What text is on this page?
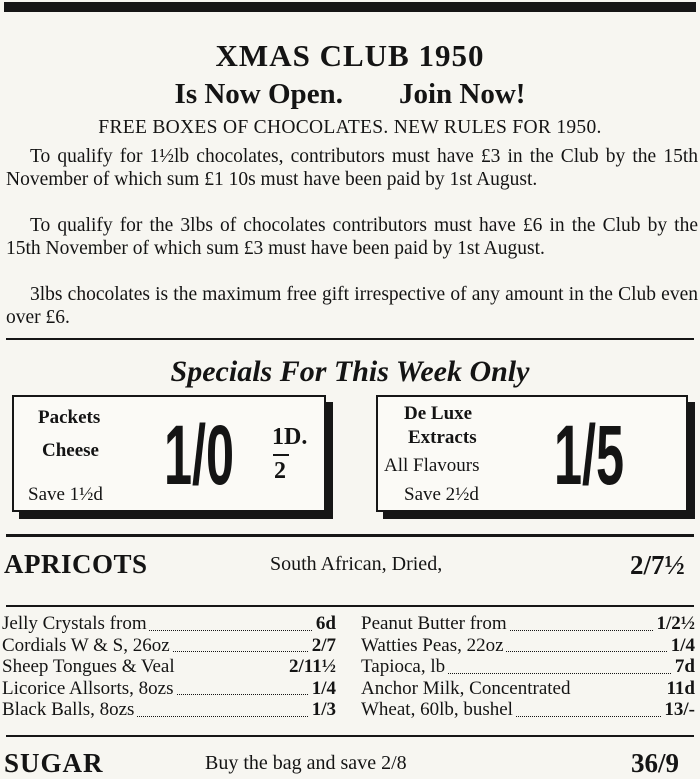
XMAS CLUB 1950
Is Now Open. Join Now!
FREE BOXES OF CHOCOLATES. NEW RULES FOR 1950.
To qualify for 1½lb chocolates, contributors must have £3 in the Club by the 15th November of which sum £1 10s must have been paid by 1st August.
To qualify for the 3lbs of chocolates contributors must have £6 in the Club by the 15th November of which sum £3 must have been paid by 1st August.
3lbs chocolates is the maximum free gift irrespective of any amount in the Club even over £6.
Specials For This Week Only
Packets
Cheese
Save 1½d 1/0 1D.
2
De Luxe
Extracts
All Flavours
Save 2½d 1/5
APRICOTS	South African, Dried,	2/7½
Jelly Crystals from	6d
Cordials W & S, 26oz	2/7
Sheep Tongues & Veal	2/11½
Licorice Allsorts, 8ozs	1/4
Black Balls, 8ozs	1/3
Peanut Butter from	1/2½
Watties Peas, 22oz	1/4
Tapioca, lb	7d
Anchor Milk, Concentrated	11d
Wheat, 60lb, bushel	13/-
SUGAR	Buy the bag and save 2/8	36/9
